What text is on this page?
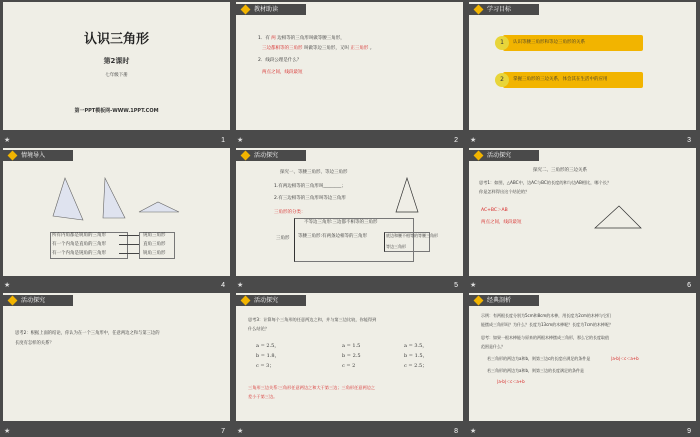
认识三角形
第2课时
七年级下册
第一PPT模板网-WWW.1PPT.COM
★	1
教材助读
1．有 两 边相等的三角形叫做等腰三角形，
三边都相等的三角形 叫做等边三角形，又叫 正三角形 。
2．线段公理是什么？
两点之间，线段最短
★	2
学习目标
1	认识等腰三角形和等边三角形的关系
2	掌握三角形的三边关系，体会其在生活中的应用
★	3
情境导入
所有内角都是锐角的三角形
有一个内角是直角的三角形
有一个内角是钝角的三角形
钝角三角形
直角三角形
锐角三角形
★	4
活动探究
探究一、等腰三角形、等边三角形
1.有两边相等的三角形叫________；
2.有三边相等的三角形叫等边三角形
三角形的分类：
三角形
不等边三角形:三边都不相等的三角形
等腰三角形:有两条边相等的三角形	底边和腰不相等的等腰三角形
等边三角形
★	5
活动探究
探究二、三角形的三边关系
思考1：如图，△ABC中，边AC与BC的长度的和与边AB相比，哪个长？
你是怎样得出这个结论的？
AC+BC＞AB
两点之间，线段最短
★	6
活动探究
思考2：根据上面的结论，你认为在一个三角形中，任意两边之和与第三边的
长度有怎样的关系？
★	7
活动探究
思考3：计算每个三角形的任意两边之和，并与第三边比较，你能得到
什么结论？
a = 2.5，
b = 1.8，
c = 3；
a = 1.5
b = 2.5
c = 2
a = 3.5，
b = 1.5，
c = 2.5；
三角形三边关系:三角形任意两边之和大于第三边；三角形任意两边之
差小于第三边。
★	8
经典剖析
示例：有两根长度分别为5cm和8cm的木棒，用长度为2cm的木棒与它们
能摆成三角形吗？为什么？长度为13cm的木棒呢？长度为7cm的木棒呢？
思考：如果一根木棒能与原来的两根木棒摆成三角形，那么它的长度取值
范围是什么？
若三角形的两边为a和b，则第三边c的长度应满足的条件是	|a-b|＜c＜a+b
若三角形的两边为a和b，则第三边的长度满足的条件是
|a-b|＜c＜a+b
★	9
